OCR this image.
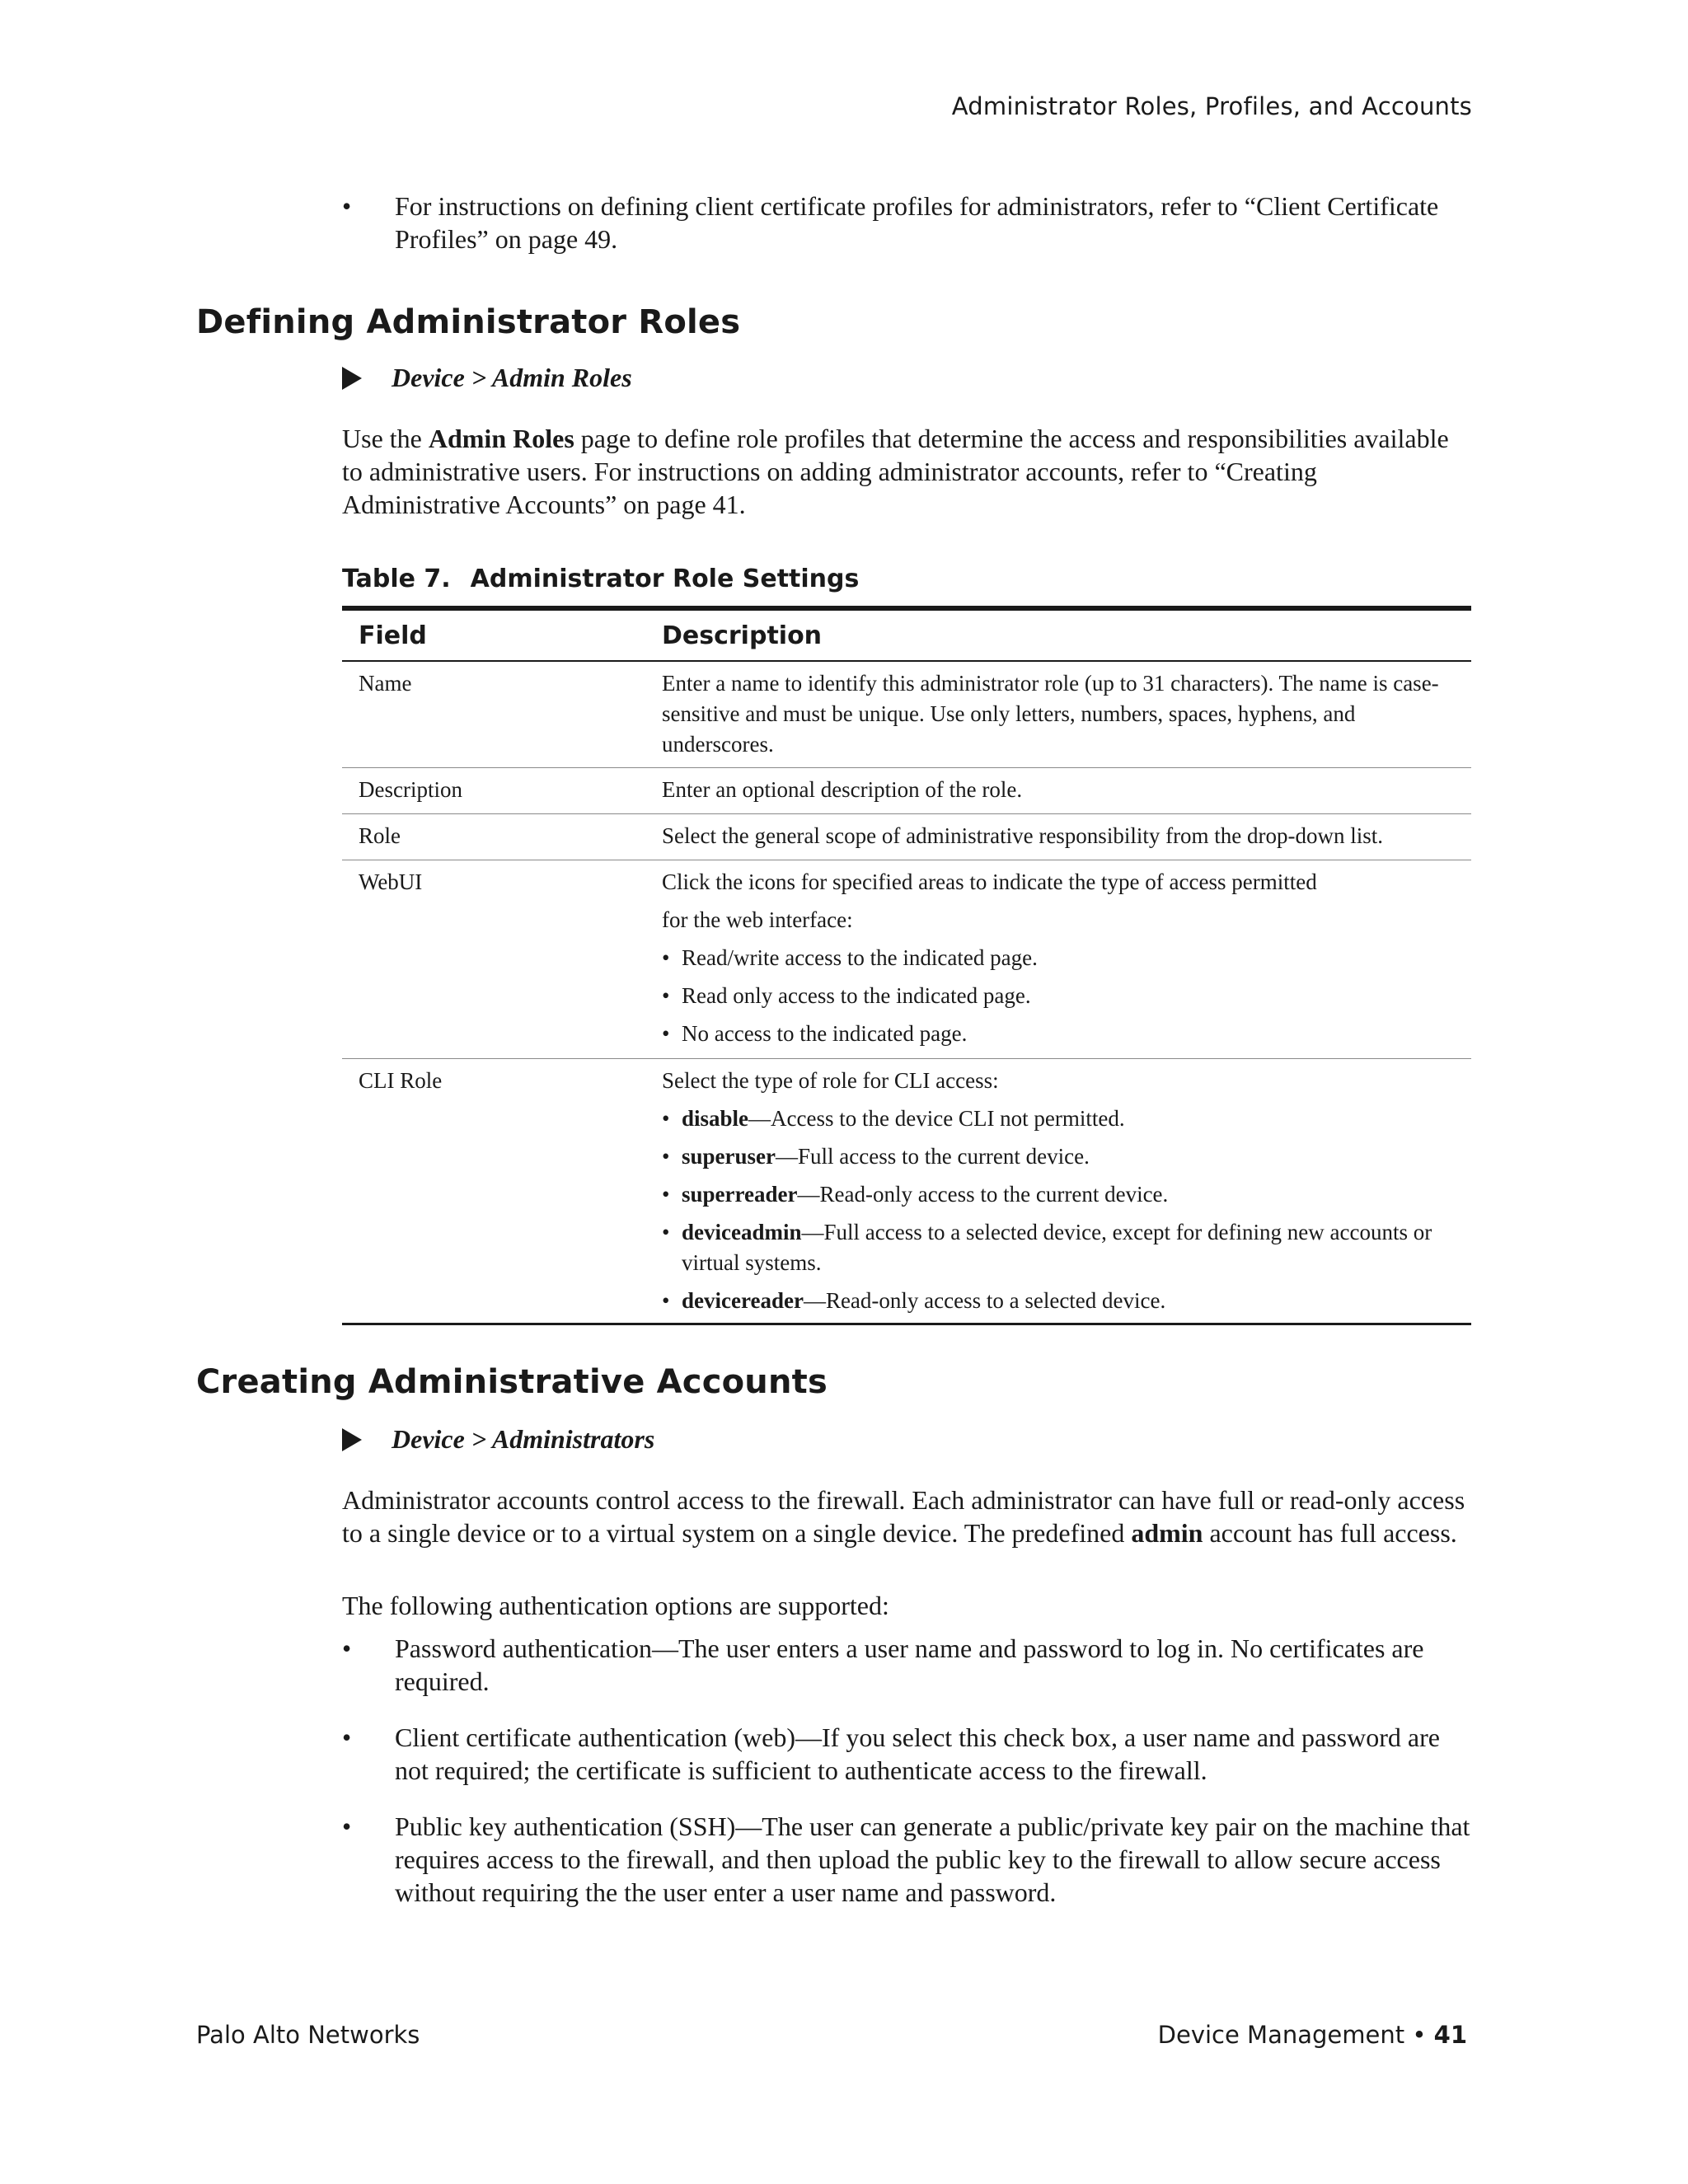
Administrator Roles, Profiles, and Accounts
• For instructions on defining client certificate profiles for administrators, refer to “Client Certificate Profiles” on page 49.
Defining Administrator Roles
Device > Admin Roles
Use the Admin Roles page to define role profiles that determine the access and responsibilities available to administrative users. For instructions on adding administrator accounts, refer to “Creating Administrative Accounts” on page 41.
Table 7. Administrator Role Settings
Field	Description
Name	Enter a name to identify this administrator role (up to 31 characters). The name is case-sensitive and must be unique. Use only letters, numbers, spaces, hyphens, and underscores.
Description	Enter an optional description of the role.
Role	Select the general scope of administrative responsibility from the drop-down list.
WebUI	Click the icons for specified areas to indicate the type of access permitted
for the web interface:
• Read/write access to the indicated page.
• Read only access to the indicated page.
• No access to the indicated page.
CLI Role	Select the type of role for CLI access:
• disable—Access to the device CLI not permitted.
• superuser—Full access to the current device.
• superreader—Read-only access to the current device.
• deviceadmin—Full access to a selected device, except for defining new accounts or virtual systems.
• devicereader—Read-only access to a selected device.
Creating Administrative Accounts
Device > Administrators
Administrator accounts control access to the firewall. Each administrator can have full or read-only access to a single device or to a virtual system on a single device. The predefined admin account has full access.
The following authentication options are supported:
• Password authentication—The user enters a user name and password to log in. No certificates are required.
• Client certificate authentication (web)—If you select this check box, a user name and password are not required; the certificate is sufficient to authenticate access to the firewall.
• Public key authentication (SSH)—The user can generate a public/private key pair on the machine that requires access to the firewall, and then upload the public key to the firewall to allow secure access without requiring the the user enter a user name and password.
Palo Alto Networks	Device Management • 41
